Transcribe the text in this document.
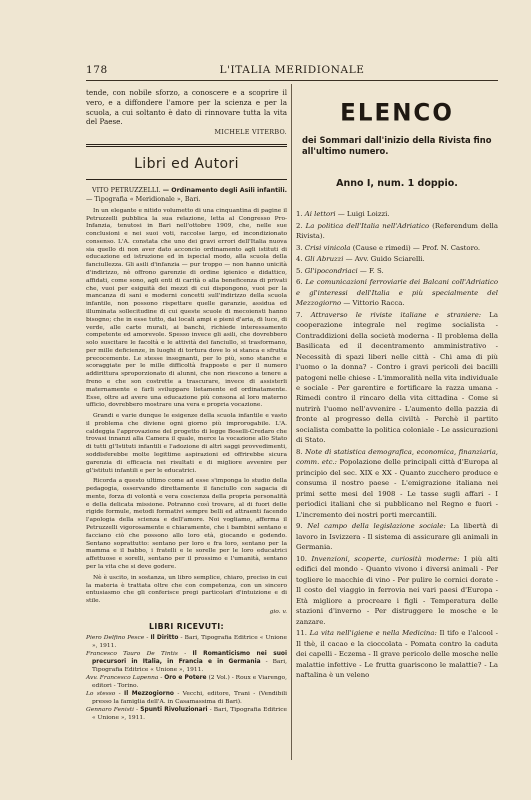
178	L'ITALIA MERIDIONALE

tende, con nobile sforzo, a conoscere e a scoprire il vero, e a diffondere l'amore per la scienza e per la scuola, a cui soltanto è dato di rinnovare tutta la vita del Paese.

MICHELE VITERBO.
Libri ed Autori

VITO PETRUZZELLI. — Ordinamento degli Asili infantili. — Tipografia « Meridionale », Bari.

In un elegante e nitido volumetto di una cinquantina di pagine il Petruzzelli pubblica la sua relazione, letta al Congresso Pro-Infanzia, tenutosi in Bari nell'ottobre 1909, che, nelle sue conclusioni e nei suoi voti, raccolse largo, ed incondizionato consenso. L'A. constata che uno dei gravi errori dell'Italia nuova sia quello di non aver dato acconcio ordinamento agli istituti di educazione ed istruzione ed in ispecial modo, alla scuola della fanciullezza. Gli asili d'infanzia — pur troppo — non hanno unicità d'indirizzo, nè offrono garenzie di ordine igienico e didattico, affidati, come sono, agli enti di carità o alla beneficenza di privati che, vuoi per esiguità dei mezzi di cui dispongono, vuoi per la mancanza di sani e moderni concetti sull'indirizzo della scuola infantile, non possono rispettare quelle garanzie, assidua ed illuminata sollecitudine di cui queste scuole di mecoiensti hanno bisogno; che in esse tutto, dai locali ampi e pieni d'aria, di luce, di verde, alle carte murali, ai banchi, richiede interessamento competente ed amorevole. Spesso invece gli asili, che dovrebbero solo suscitare le facoltà e le attività del fanciullo, si trasformano, per mille deficienze, in luoghi di tortura dove lo si stanca e sfrutta precocemente. Le stesse insegnanti, per lo più, sono stanche e scoraggiate per le mille difficoltà frapposte e per il numero addirittura sproporzionato di alunni, che non riescono a tenere a freno e che son costrette a trascurare, invece di assisterli maternamente e farli sviluppare lietamente ed ordinatamente. Esse, oltre ad avere una educazione più consona al loro materno ufficio, dovrebbero mostrare una vera e propria vocazione.

Grandi e varie dunque le esigenze della scuola infantile e vasto il problema che diviene ogni giorno più improrogabile. L'A. caldeggia l'approvazione del progetto di legge Boselli-Credaro che trovasi innanzi alla Camera il quale, merce la vocazione allo Stato di tutti gl'Istituti infantili e l'adozione di altri saggi provvedimenti, soddisferebbe molte legittime aspirazioni ed offrirebbe sicura garenzia di efficacia nei risultati e di migliore avvenire per gl'istituti infantili e per le educatrici.

Ricorda a questo ultimo come ad esse s'imponga lo studio della pedagogia, osservando direttamente il fanciullo con sagacia di mente, forza di volontà e vera coscienza della propria personalità e della delicata missione. Potranno così trovare, al di fuori delle rigide formule, metodi formativi sempre belli ed attraenti facendo l'apologia della scienza e dell'amore. Noi vogliamo, afferma il Petruzzelli vigorosamente e chiaramente, che i bambini sentano e facciano ciò che possono allo loro età, giocando e godendo. Sentano soprattutto: sentano per loro e fra loro, sentano per la mamma e il babbo, i fratelli e le sorelle per le loro educatrici affettuose e sorelli, sentano per il prossimo e l'umanità, sentano per la vita che si deve godere.

Nè è uscito, in sostanza, un libro semplice, chiaro, preciso in cui la materia è trattata oltre che con competenza, con un sincero entusiasmo che gli conferisce pregi particolari d'intuizione e di stile.

gio. v.
LIBRI RICEVUTI:

Piero Delfino Pesce - Il Diritto - Bari, Tipografia Editrice « Unione », 1911.

Francesco Tauro De Tintis - Il Romanticismo nei suoi precursori in Italia, in Francia e in Germania - Bari, Tipografia Editrice « Unione », 1911.

Avv. Francesco Lapenna - Oro e Potere (2 Vol.) - Roux e Viarengo, editori - Torino.

Lo stesso - Il Mezzogiorno - Vecchi, editore, Trani - (Vendibili presso la famiglia dell'A. in Casamassima di Bari).

Gennaro Fenisti - Spunti Rivoluzionari - Bari, Tipografia Editrice « Unione », 1911.

ELENCO
dei Sommari dall'inizio della Rivista fino all'ultimo numero.
Anno I, num. 1 doppio.

1. Ai lettori — Luigi Loizzi.

2. La politica dell'Italia nell'Adriatico (Referendum della Rivista).

3. Crisi vinicola (Cause e rimedi) — Prof. N. Castoro.

4. Gli Abruzzi — Avv. Guido Sciarelli.

5. Gl'ipocondriaci — F. S.

6. Le comunicazioni ferroviarie dei Balcani coll'Adriatico e gl'interessi dell'Italia e più specialmente del Mezzogiorno — Vittorio Racca.

7. Attraverso le riviste italiane e straniere: La cooperazione integrale nel regime socialista - Contraddizioni della società moderna - Il problema della Basilicata ed il decentramento amministrativo - Necessità di spazi liberi nelle città - Chi ama di più l'uomo o la donna? - Contro i gravi pericoli dei bacilli patogeni nelle chiese - L'immoralità nella vita individuale e sociale - Per garentire e fortificare la razza umana - Rimedi contro il rincaro della vita cittadina - Come si nutrirà l'uomo nell'avvenire - L'aumento della pazzia di fronte al progresso della civiltà - Perchè il partito socialista combatte la politica coloniale - Le assicurazioni di Stato.

8. Note di statistica demografica, economica, finanziaria, comm. etc.: Popolazione delle principali città d'Europa al principio del sec. XIX e XX - Quanto zucchero produce e consuma il nostro paese - L'emigrazione italiana nei primi sette mesi del 1908 - Le tasse sugli affari - I periodici italiani che si pubblicano nel Regno e fuori - L'incremento dei nostri porti mercantili.

9. Nel campo della legislazione sociale: La libertà di lavoro in Isvizzera - Il sistema di assicurare gli animali in Germania.

10. Invenzioni, scoperte, curiosità moderne: I più alti edifici del mondo - Quanto vivono i diversi animali - Per togliere le macchie di vino - Per pulire le cornici dorate - Il costo del viaggio in ferrovia nei vari paesi d'Europa - Età migliore a procreare i figli - Temperatura delle stazioni d'inverno - Per distruggere le mosche e le zanzare.

11. La vita nell'igiene e nella Medicina: Il tifo e l'alcool - Il thè, il cacao e la cioccolata - Pomata contro la caduta dei capelli - Eczema - Il grave pericolo delle mosche nelle malattie infettive - Le frutta guariscono le malattie? - La naftalina è un veleno
